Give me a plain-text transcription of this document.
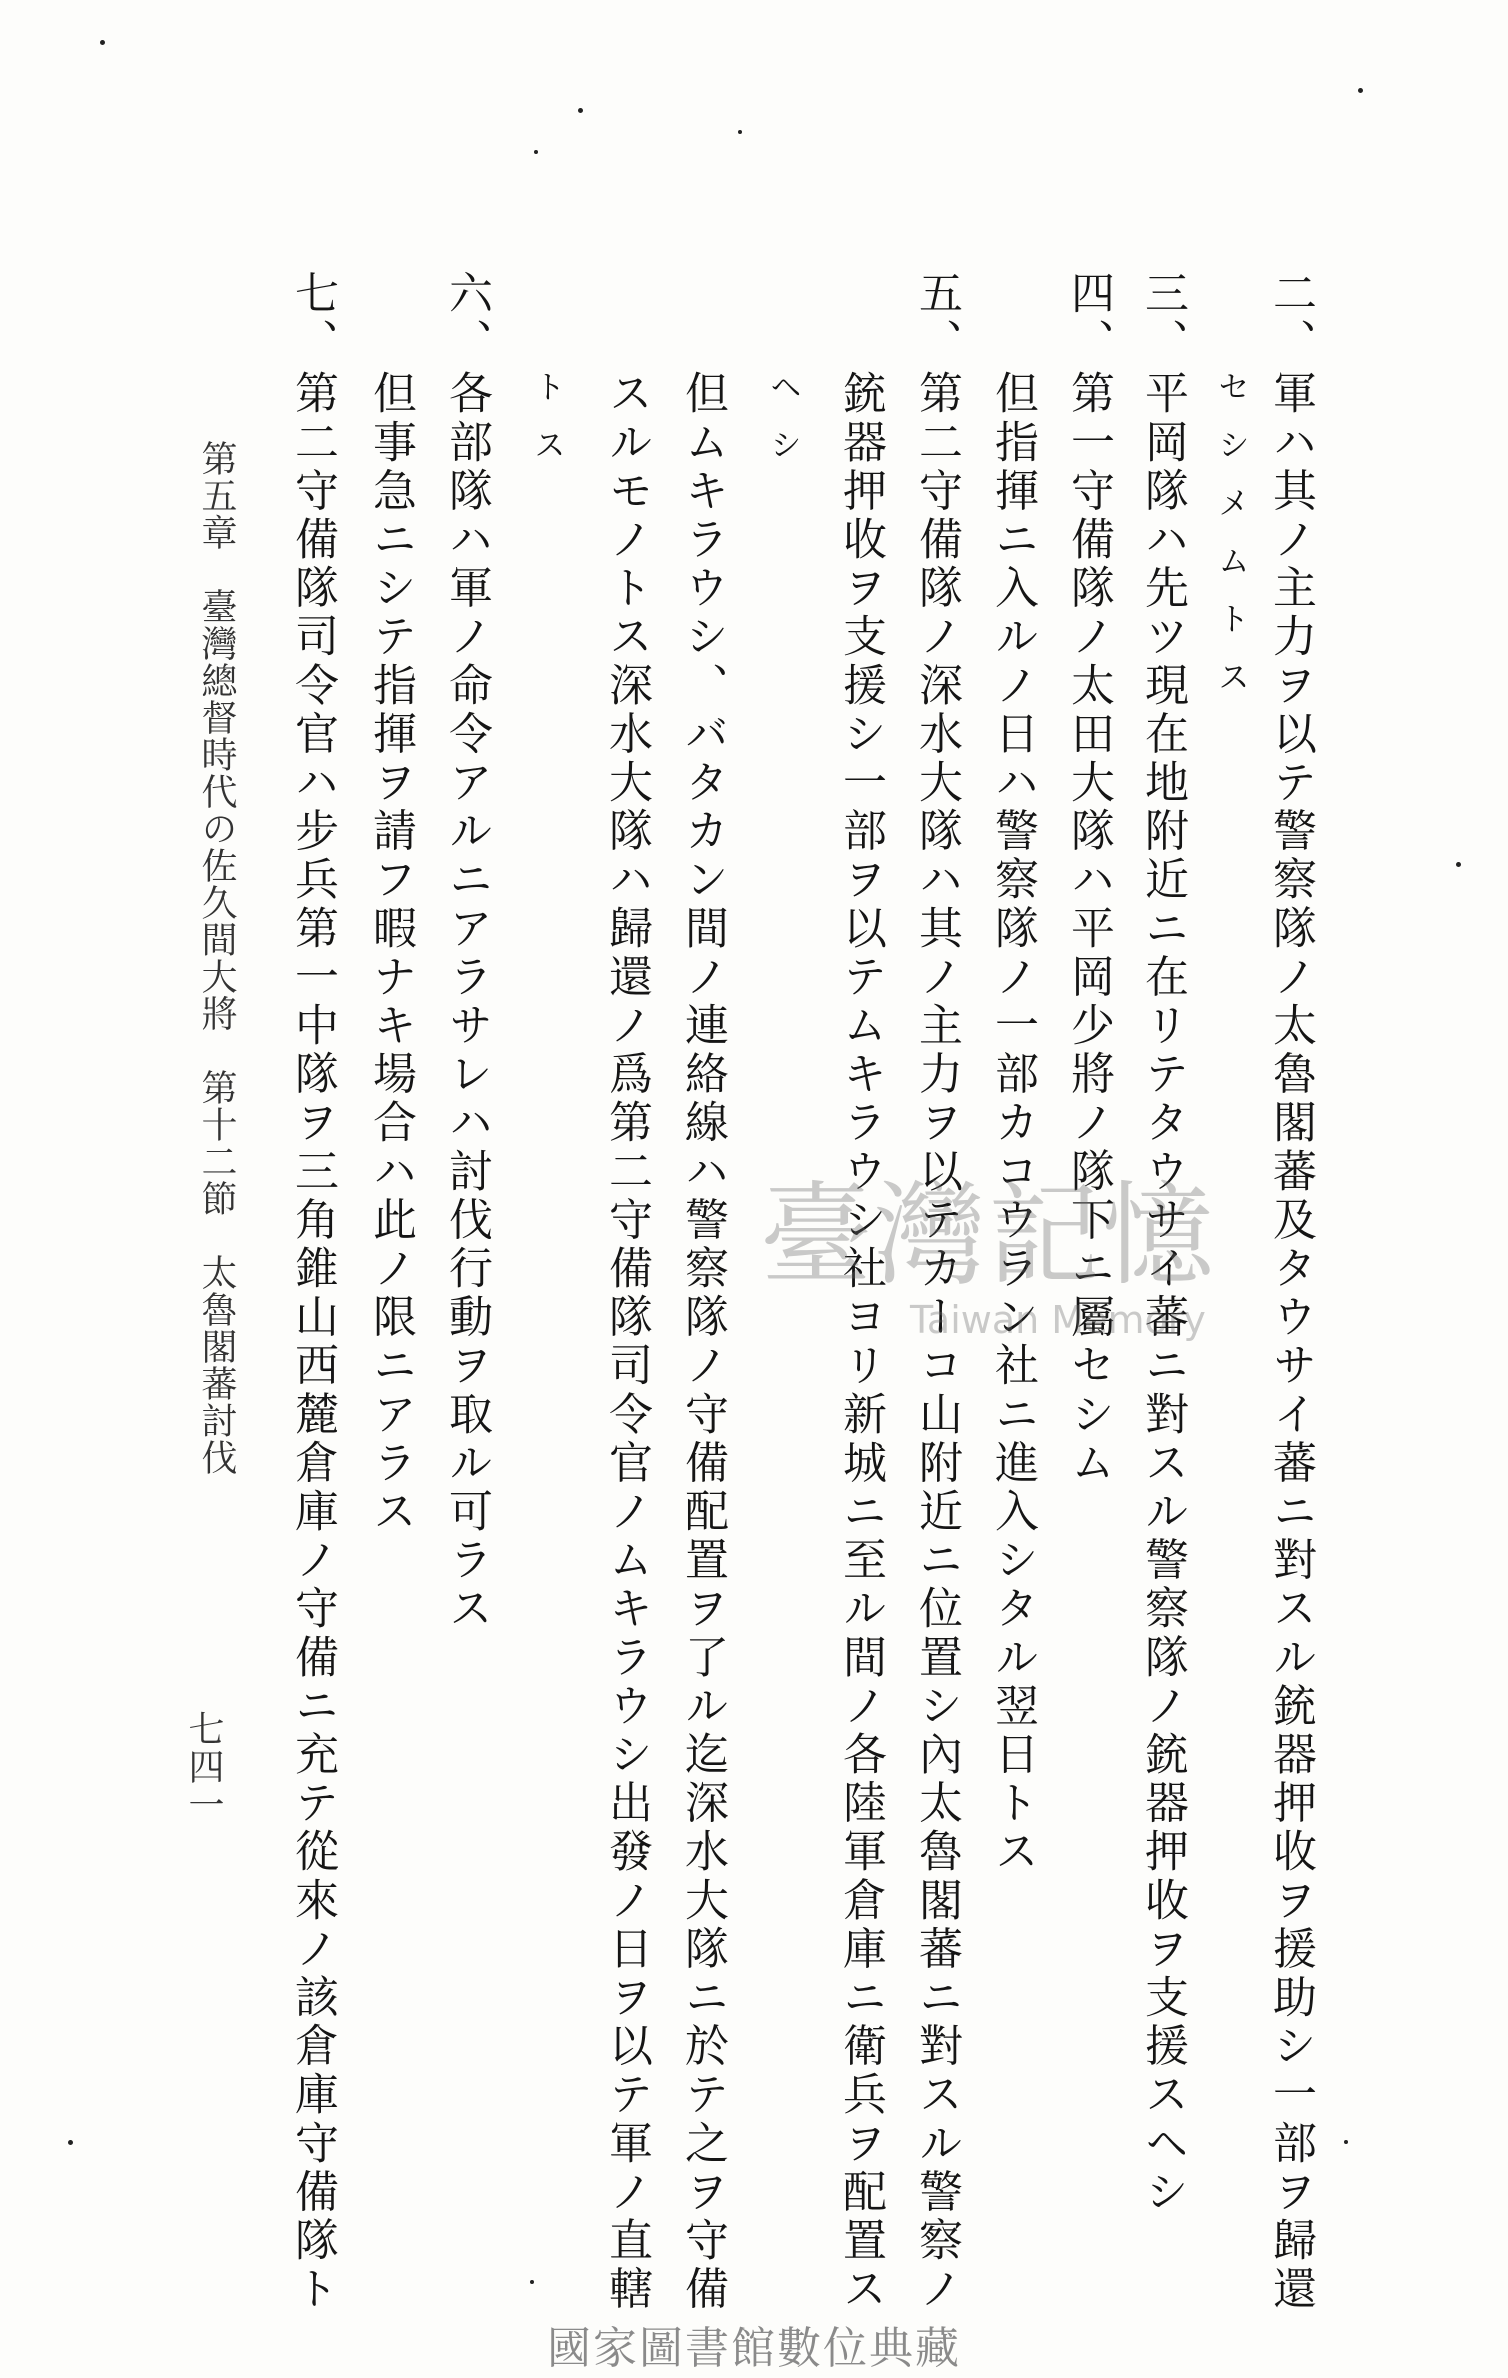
二、
三、
四、
五、
六、
七、
軍ハ其ノ主力ヲ以テ警察隊ノ太魯閣蕃及タウサイ蕃ニ對スル銃器押收ヲ援助シ一部ヲ歸還
セシメムトス
平岡隊ハ先ツ現在地附近ニ在リテタウサイ蕃ニ對スル警察隊ノ銃器押收ヲ支援スヘシ
第一守備隊ノ太田大隊ハ平岡少將ノ隊下ニ屬セシム
但指揮ニ入ルノ日ハ警察隊ノ一部カコウラン社ニ進入シタル翌日トス
第二守備隊ノ深水大隊ハ其ノ主力ヲ以テカーコ山附近ニ位置シ內太魯閣蕃ニ對スル警察ノ
銃器押收ヲ支援シ一部ヲ以テムキラウシ社ヨリ新城ニ至ル間ノ各陸軍倉庫ニ衛兵ヲ配置ス
ヘシ
但ムキラウシ、バタカン間ノ連絡線ハ警察隊ノ守備配置ヲ了ル迄深水大隊ニ於テ之ヲ守備
スルモノトス深水大隊ハ歸還ノ爲第二守備隊司令官ノムキラウシ出發ノ日ヲ以テ軍ノ直轄
トス
各部隊ハ軍ノ命令アルニアラサレハ討伐行動ヲ取ル可ラス
但事急ニシテ指揮ヲ請フ暇ナキ場合ハ此ノ限ニアラス
第二守備隊司令官ハ步兵第一中隊ヲ三角錐山西麓倉庫ノ守備ニ充テ從來ノ該倉庫守備隊ト
第五章　臺灣總督時代の佐久間大將　第十二節　太魯閣蕃討伐
七四一
臺灣記憶
Taiwan Memory
國家圖書館數位典藏
